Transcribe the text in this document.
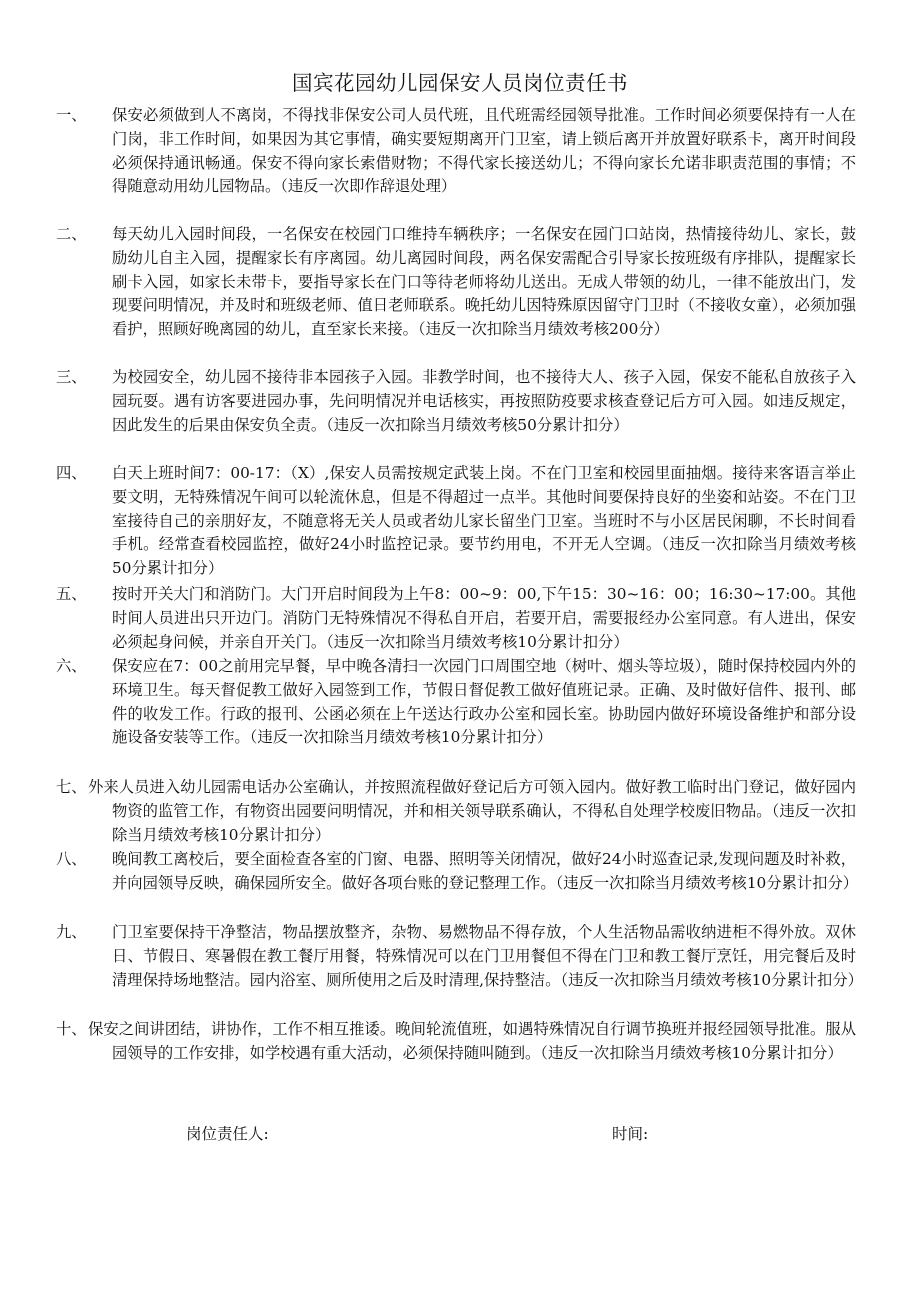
国宾花园幼儿园保安人员岗位责任书
一、	保安必须做到人不离岗，不得找非保安公司人员代班，且代班需经园领导批准。工作时间必须要保持有一人在门岗，非工作时间，如果因为其它事情，确实要短期离开门卫室，请上锁后离开并放置好联系卡，离开时间段必须保持通讯畅通。保安不得向家长索借财物；不得代家长接送幼儿；不得向家长允诺非职责范围的事情；不得随意动用幼儿园物品。（违反一次即作辞退处理）
二、	每天幼儿入园时间段，一名保安在校园门口维持车辆秩序；一名保安在园门口站岗，热情接待幼儿、家长，鼓励幼儿自主入园，提醒家长有序离园。幼儿离园时间段，两名保安需配合引导家长按班级有序排队，提醒家长刷卡入园，如家长未带卡，要指导家长在门口等待老师将幼儿送出。无成人带领的幼儿，一律不能放出门，发现要问明情况，并及时和班级老师、值日老师联系。晚托幼儿因特殊原因留守门卫时（不接收女童），必须加强看护，照顾好晚离园的幼儿，直至家长来接。（违反一次扣除当月绩效考核200分）
三、	为校园安全，幼儿园不接待非本园孩子入园。非教学时间，也不接待大人、孩子入园，保安不能私自放孩子入园玩耍。遇有访客要进园办事，先问明情况并电话核实，再按照防疫要求核查登记后方可入园。如违反规定，因此发生的后果由保安负全责。（违反一次扣除当月绩效考核50分累计扣分）
四、	白天上班时间7：00-17：（X）,保安人员需按规定武装上岗。不在门卫室和校园里面抽烟。接待来客语言举止要文明，无特殊情况午间可以轮流休息，但是不得超过一点半。其他时间要保持良好的坐姿和站姿。不在门卫室接待自己的亲朋好友，不随意将无关人员或者幼儿家长留坐门卫室。当班时不与小区居民闲聊，不长时间看手机。经常查看校园监控，做好24小时监控记录。要节约用电，不开无人空调。（违反一次扣除当月绩效考核50分累计扣分）
五、	按时开关大门和消防门。大门开启时间段为上午8：00~9：00,下午15：30~16：00；16:30~17:00。其他时间人员进出只开边门。消防门无特殊情况不得私自开启，若要开启，需要报经办公室同意。有人进出，保安必须起身问候，并亲自开关门。（违反一次扣除当月绩效考核10分累计扣分）
六、	保安应在7：00之前用完早餐，早中晚各清扫一次园门口周围空地（树叶、烟头等垃圾），随时保持校园内外的环境卫生。每天督促教工做好入园签到工作，节假日督促教工做好值班记录。正确、及时做好信件、报刊、邮件的收发工作。行政的报刊、公函必须在上午送达行政办公室和园长室。协助园内做好环境设备维护和部分设施设备安装等工作。（违反一次扣除当月绩效考核10分累计扣分）
七、 外来人员进入幼儿园需电话办公室确认，并按照流程做好登记后方可领入园内。做好教工临时出门登记，做好园内物资的监管工作，有物资出园要问明情况，并和相关领导联系确认，不得私自处理学校废旧物品。（违反一次扣除当月绩效考核10分累计扣分）
八、	晚间教工离校后，要全面检查各室的门窗、电器、照明等关闭情况，做好24小时巡查记录,发现问题及时补救，并向园领导反映，确保园所安全。做好各项台账的登记整理工作。（违反一次扣除当月绩效考核10分累计扣分）
九、	门卫室要保持干净整洁，物品摆放整齐，杂物、易燃物品不得存放，个人生活物品需收纳进柜不得外放。双休日、节假日、寒暑假在教工餐厅用餐，特殊情况可以在门卫用餐但不得在门卫和教工餐厅烹饪，用完餐后及时清理保持场地整洁。园内浴室、厕所使用之后及时清理,保持整洁。（违反一次扣除当月绩效考核10分累计扣分）
十、 保安之间讲团结，讲协作，工作不相互推诿。晚间轮流值班，如遇特殊情况自行调节换班并报经园领导批准。服从园领导的工作安排，如学校遇有重大活动，必须保持随叫随到。（违反一次扣除当月绩效考核10分累计扣分）
岗位责任人:	时间:
